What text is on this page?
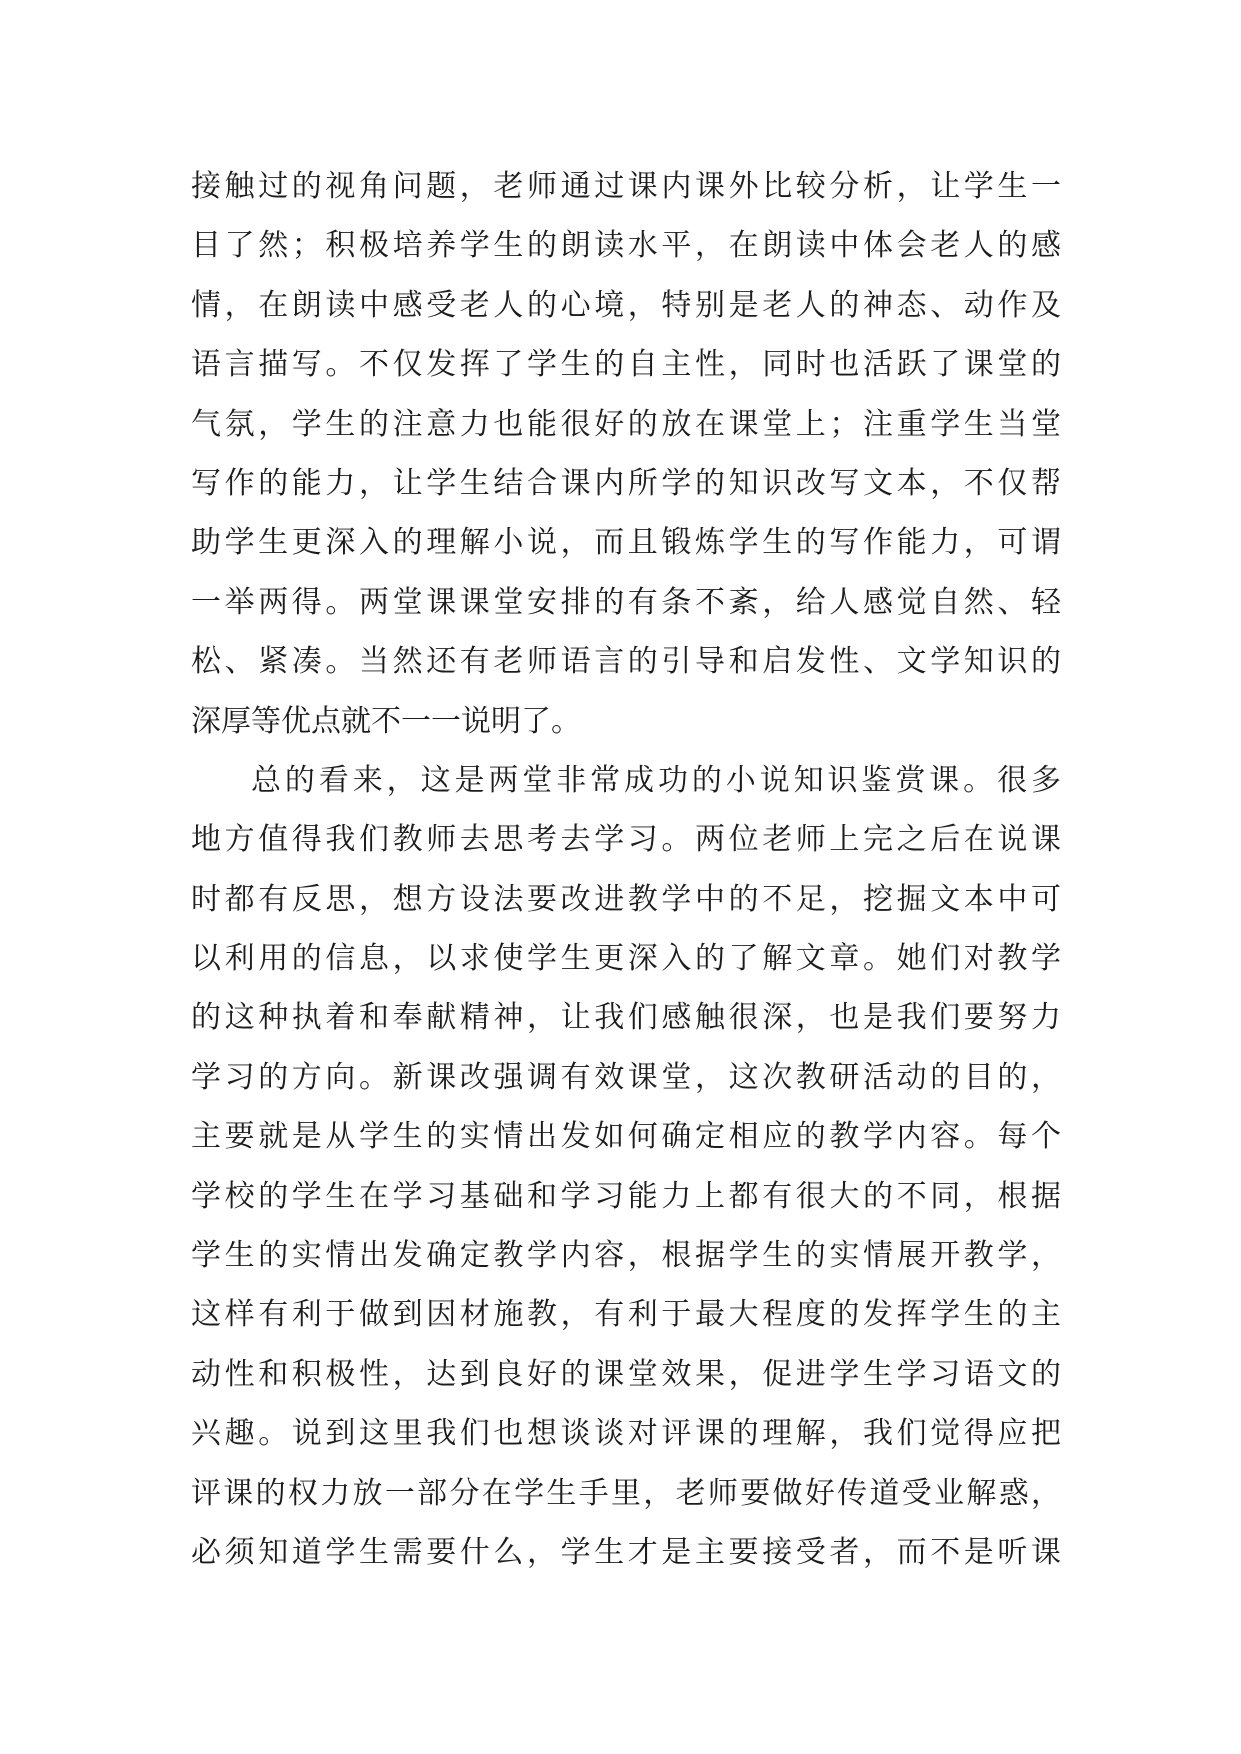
接触过的视角问题，老师通过课内课外比较分析，让学生一
目了然；积极培养学生的朗读水平，在朗读中体会老人的感
情，在朗读中感受老人的心境，特别是老人的神态、动作及
语言描写。不仅发挥了学生的自主性，同时也活跃了课堂的
气氛，学生的注意力也能很好的放在课堂上；注重学生当堂
写作的能力，让学生结合课内所学的知识改写文本，不仅帮
助学生更深入的理解小说，而且锻炼学生的写作能力，可谓
一举两得。两堂课课堂安排的有条不紊，给人感觉自然、轻
松、紧凑。当然还有老师语言的引导和启发性、文学知识的
深厚等优点就不一一说明了。
总的看来，这是两堂非常成功的小说知识鉴赏课。很多
地方值得我们教师去思考去学习。两位老师上完之后在说课
时都有反思，想方设法要改进教学中的不足，挖掘文本中可
以利用的信息，以求使学生更深入的了解文章。她们对教学
的这种执着和奉献精神，让我们感触很深，也是我们要努力
学习的方向。新课改强调有效课堂，这次教研活动的目的，
主要就是从学生的实情出发如何确定相应的教学内容。每个
学校的学生在学习基础和学习能力上都有很大的不同，根据
学生的实情出发确定教学内容，根据学生的实情展开教学，
这样有利于做到因材施教，有利于最大程度的发挥学生的主
动性和积极性，达到良好的课堂效果，促进学生学习语文的
兴趣。说到这里我们也想谈谈对评课的理解，我们觉得应把
评课的权力放一部分在学生手里，老师要做好传道受业解惑，
必须知道学生需要什么，学生才是主要接受者，而不是听课
